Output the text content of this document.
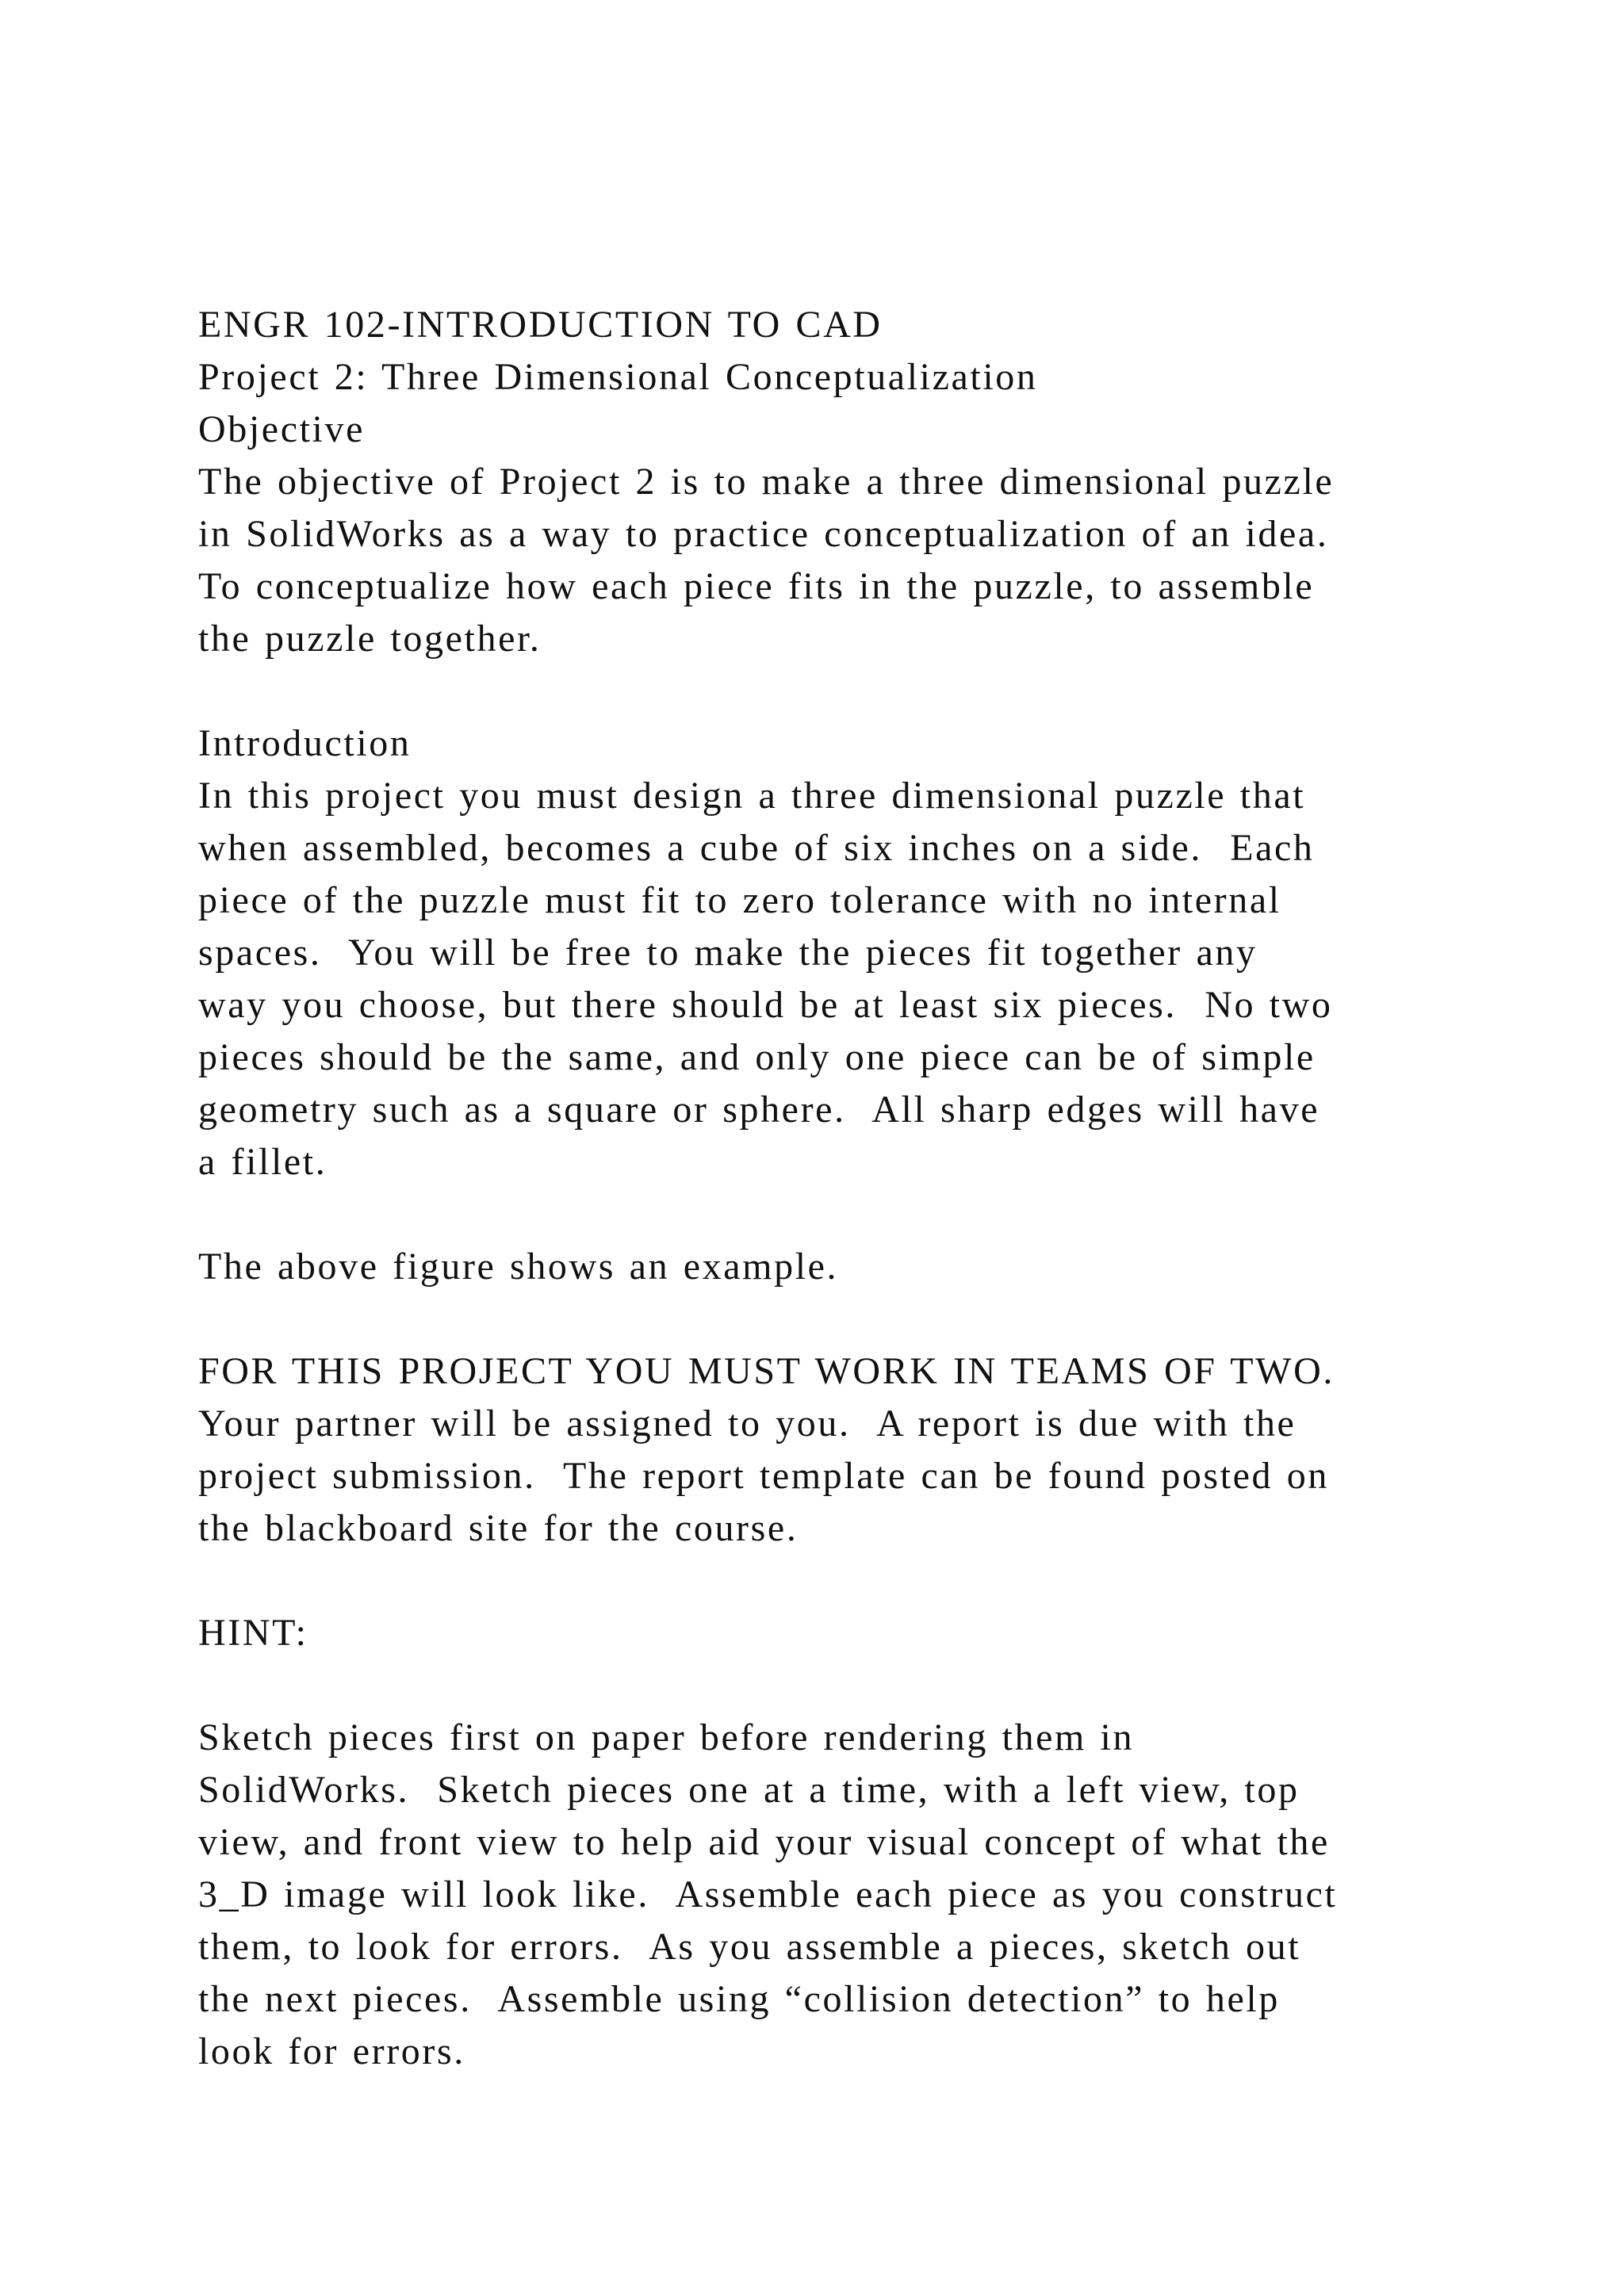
ENGR 102-INTRODUCTION TO CAD
Project 2: Three Dimensional Conceptualization
Objective
The objective of Project 2 is to make a three dimensional puzzle
in SolidWorks as a way to practice conceptualization of an idea.
To conceptualize how each piece fits in the puzzle, to assemble
the puzzle together.
Introduction
In this project you must design a three dimensional puzzle that
when assembled, becomes a cube of six inches on a side.  Each
piece of the puzzle must fit to zero tolerance with no internal
spaces.  You will be free to make the pieces fit together any
way you choose, but there should be at least six pieces.  No two
pieces should be the same, and only one piece can be of simple
geometry such as a square or sphere.  All sharp edges will have
a fillet.
The above figure shows an example.
FOR THIS PROJECT YOU MUST WORK IN TEAMS OF TWO.
Your partner will be assigned to you.  A report is due with the
project submission.  The report template can be found posted on
the blackboard site for the course.
HINT:
Sketch pieces first on paper before rendering them in
SolidWorks.  Sketch pieces one at a time, with a left view, top
view, and front view to help aid your visual concept of what the
3_D image will look like.  Assemble each piece as you construct
them, to look for errors.  As you assemble a pieces, sketch out
the next pieces.  Assemble using “collision detection” to help
look for errors.
